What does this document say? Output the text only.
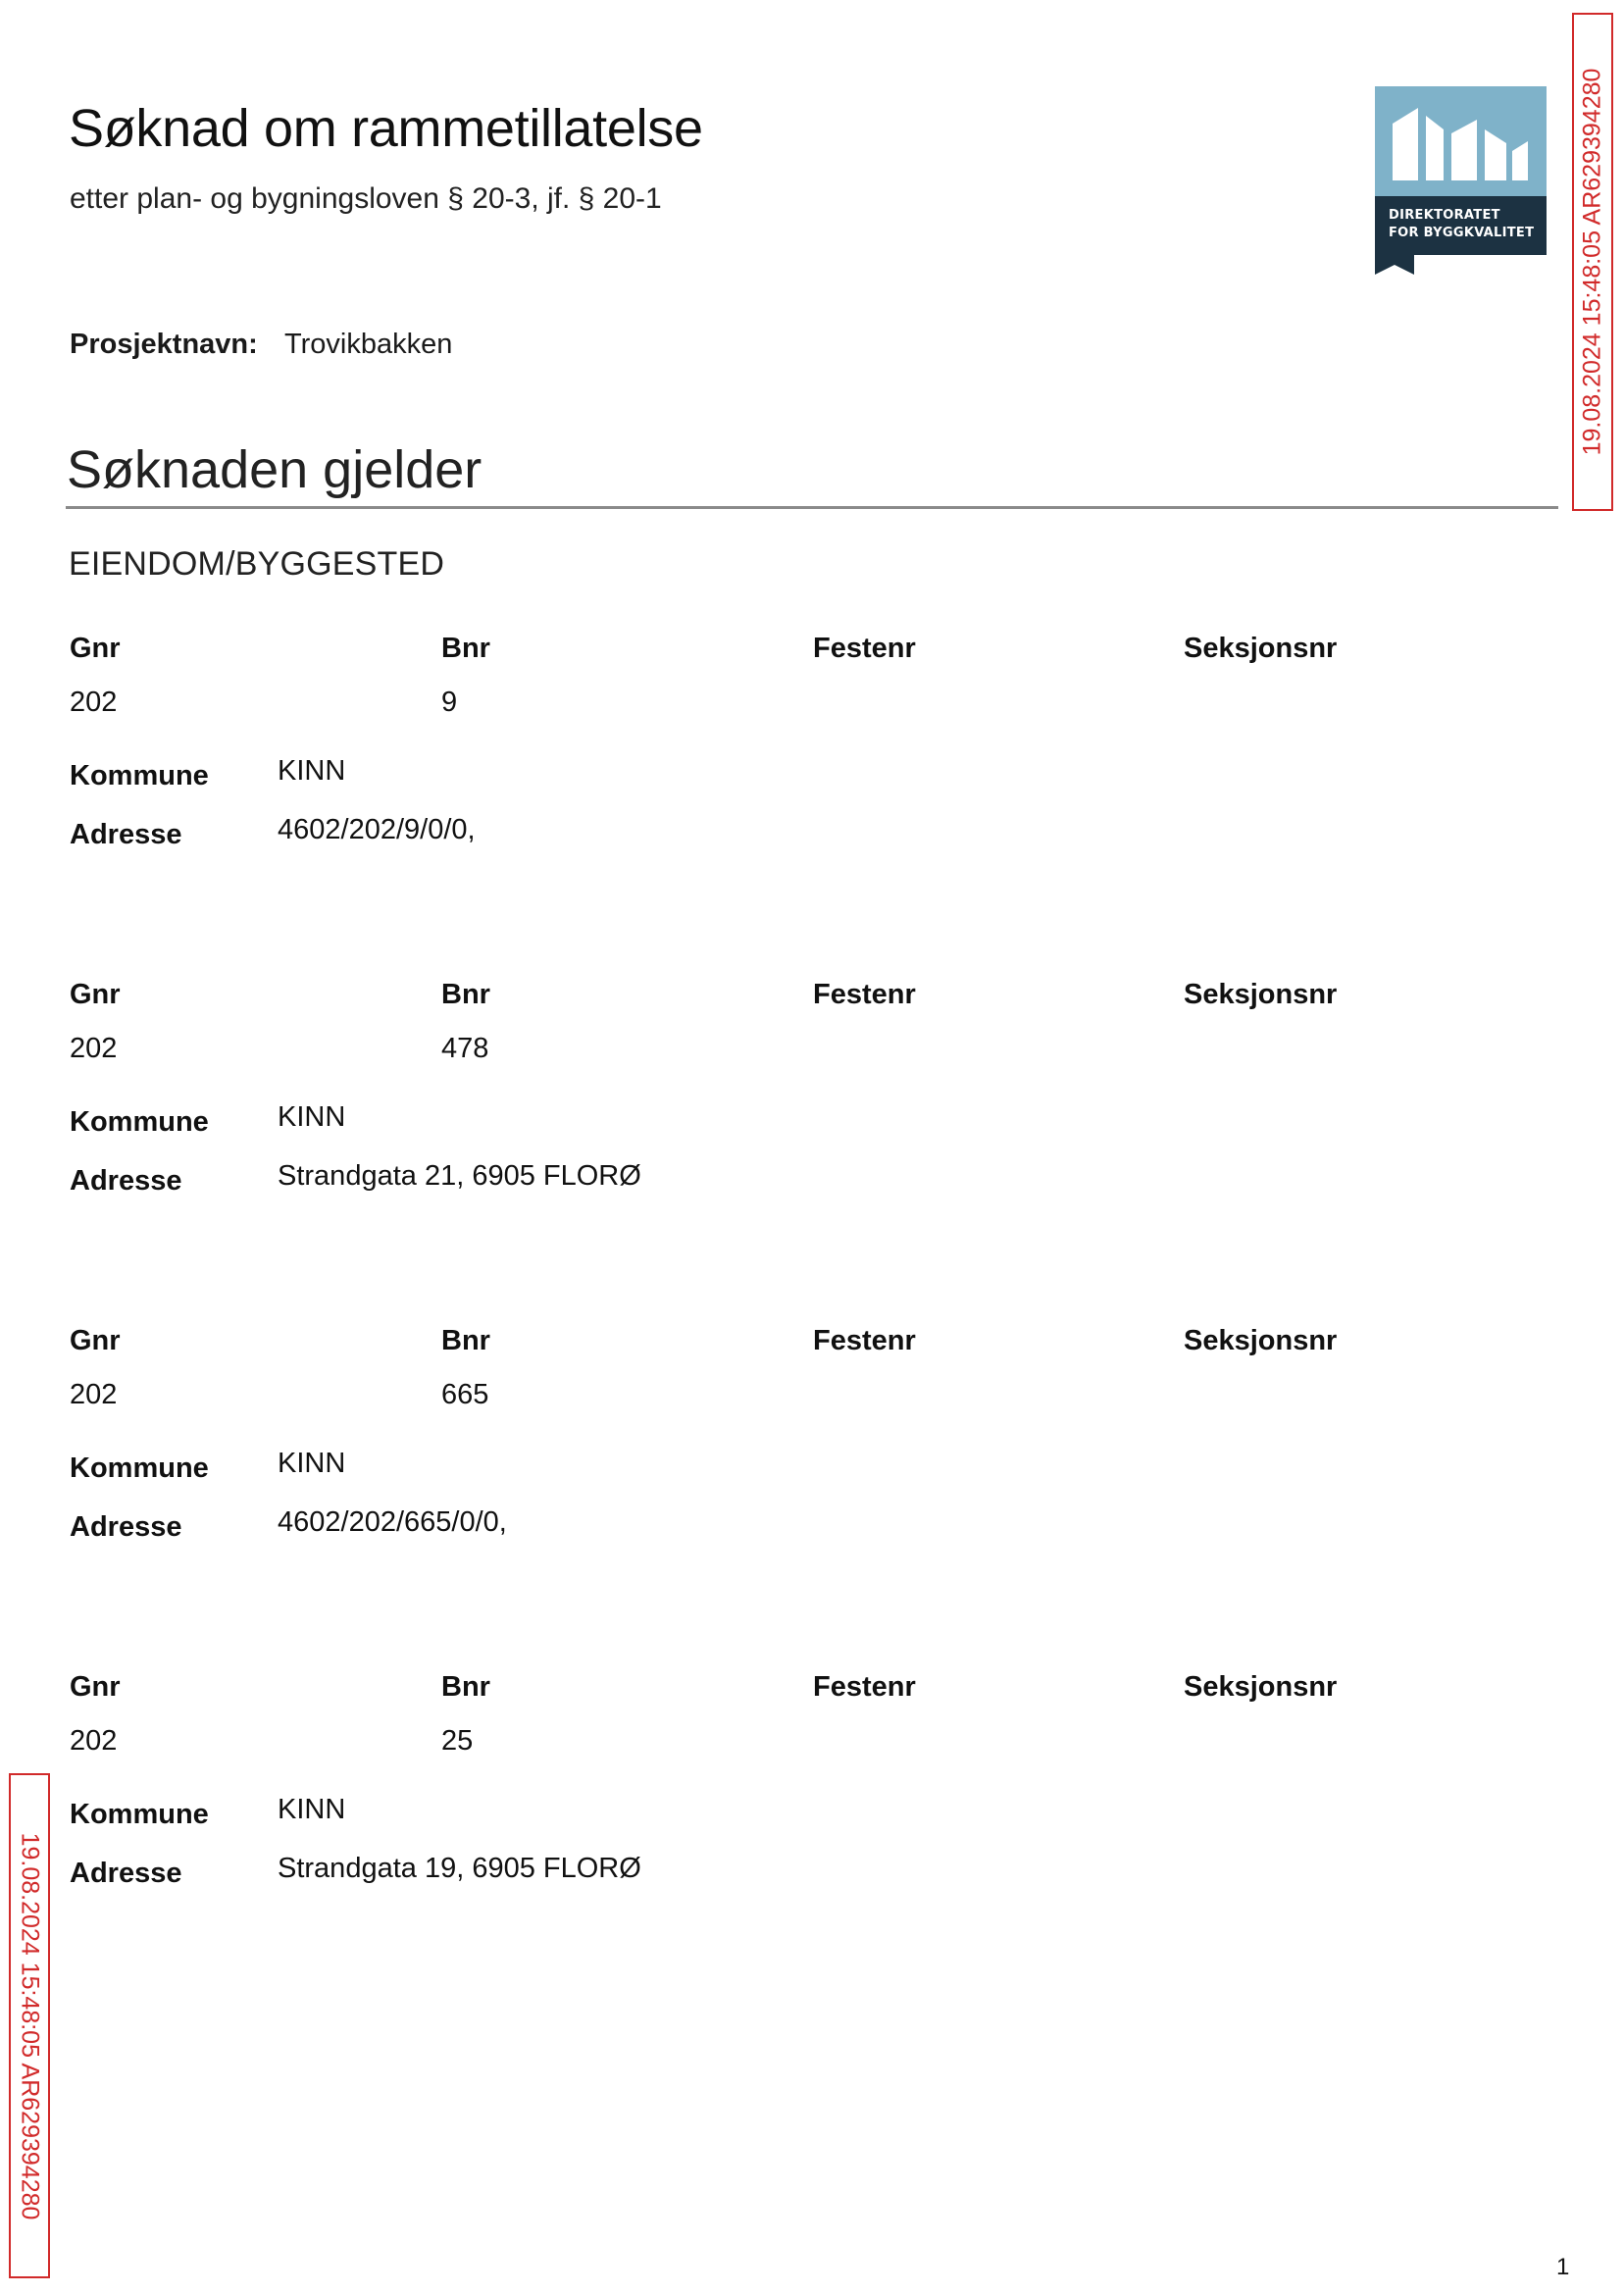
Søknad om rammetillatelse
etter plan- og bygningsloven § 20-3, jf. § 20-1
DIREKTORATET
FOR BYGGKVALITET
Prosjektnavn: Trovikbakken
Søknaden gjelder
EIENDOM/BYGGESTED
Gnr	Bnr	Festenr	Seksjonsnr
202	9
Kommune KINN
Adresse	4602/202/9/0/0,
Gnr	Bnr	Festenr	Seksjonsnr
202	478
Kommune KINN
Adresse	Strandgata 21, 6905 FLORØ
Gnr	Bnr	Festenr	Seksjonsnr
202	665
Kommune KINN
Adresse	4602/202/665/0/0,
Gnr	Bnr	Festenr	Seksjonsnr
202	25
Kommune KINN
Adresse	Strandgata 19, 6905 FLORØ
19.08.2024 15:48:05 AR629394280
19.08.2024 15:48:05 AR629394280
1
